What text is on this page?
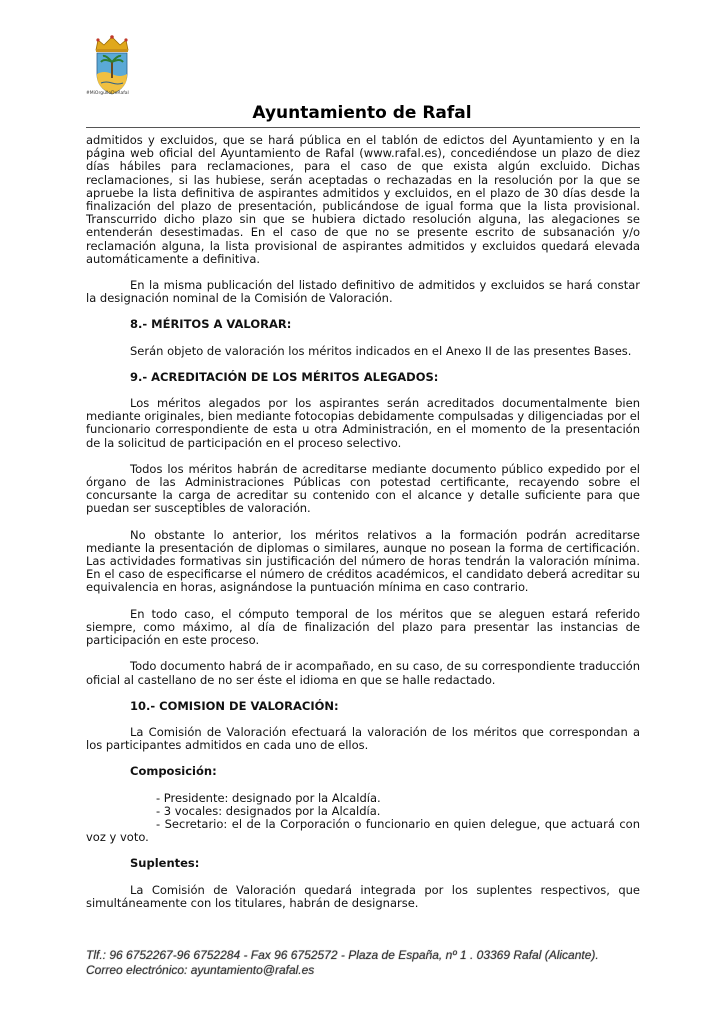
#MiOrgulloDeRafal
Ayuntamiento de Rafal

admitidos y excluidos, que se hará pública en el tablón de edictos del Ayuntamiento y en la página web oficial del Ayuntamiento de Rafal (www.rafal.es), concediéndose un plazo de diez días hábiles para reclamaciones, para el caso de que exista algún excluido. Dichas reclamaciones, si las hubiese, serán aceptadas o rechazadas en la resolución por la que se apruebe la lista definitiva de aspirantes admitidos y excluidos, en el plazo de 30 días desde la finalización del plazo de presentación, publicándose de igual forma que la lista provisional. Transcurrido dicho plazo sin que se hubiera dictado resolución alguna, las alegaciones se entenderán desestimadas. En el caso de que no se presente escrito de subsanación y/o reclamación alguna, la lista provisional de aspirantes admitidos y excluidos quedará elevada automáticamente a definitiva.

En la misma publicación del listado definitivo de admitidos y excluidos se hará constar la designación nominal de la Comisión de Valoración.

8.- MÉRITOS A VALORAR:

Serán objeto de valoración los méritos indicados en el Anexo II de las presentes Bases.

9.- ACREDITACIÓN DE LOS MÉRITOS ALEGADOS:

Los méritos alegados por los aspirantes serán acreditados documentalmente bien mediante originales, bien mediante fotocopias debidamente compulsadas y diligenciadas por el funcionario correspondiente de esta u otra Administración, en el momento de la presentación de la solicitud de participación en el proceso selectivo.

Todos los méritos habrán de acreditarse mediante documento público expedido por el órgano de las Administraciones Públicas con potestad certificante, recayendo sobre el concursante la carga de acreditar su contenido con el alcance y detalle suficiente para que puedan ser susceptibles de valoración.

No obstante lo anterior, los méritos relativos a la formación podrán acreditarse mediante la presentación de diplomas o similares, aunque no posean la forma de certificación. Las actividades formativas sin justificación del número de horas tendrán la valoración mínima. En el caso de especificarse el número de créditos académicos, el candidato deberá acreditar su equivalencia en horas, asignándose la puntuación mínima en caso contrario.

En todo caso, el cómputo temporal de los méritos que se aleguen estará referido siempre, como máximo, al día de finalización del plazo para presentar las instancias de participación en este proceso.

Todo documento habrá de ir acompañado, en su caso, de su correspondiente traducción oficial al castellano de no ser éste el idioma en que se halle redactado.

10.- COMISION DE VALORACIÓN:

La Comisión de Valoración efectuará la valoración de los méritos que correspondan a los participantes admitidos en cada uno de ellos.

Composición:
- Presidente: designado por la Alcaldía.
- 3 vocales: designados por la Alcaldía.
- Secretario: el de la Corporación o funcionario en quien delegue, que actuará con voz y voto.
Suplentes:

La Comisión de Valoración quedará integrada por los suplentes respectivos, que simultáneamente con los titulares, habrán de designarse.

Tlf.: 96 6752267-96 6752284 - Fax 96 6752572 - Plaza de España, nº 1 . 03369 Rafal (Alicante).
Correo electrónico: ayuntamiento@rafal.es
